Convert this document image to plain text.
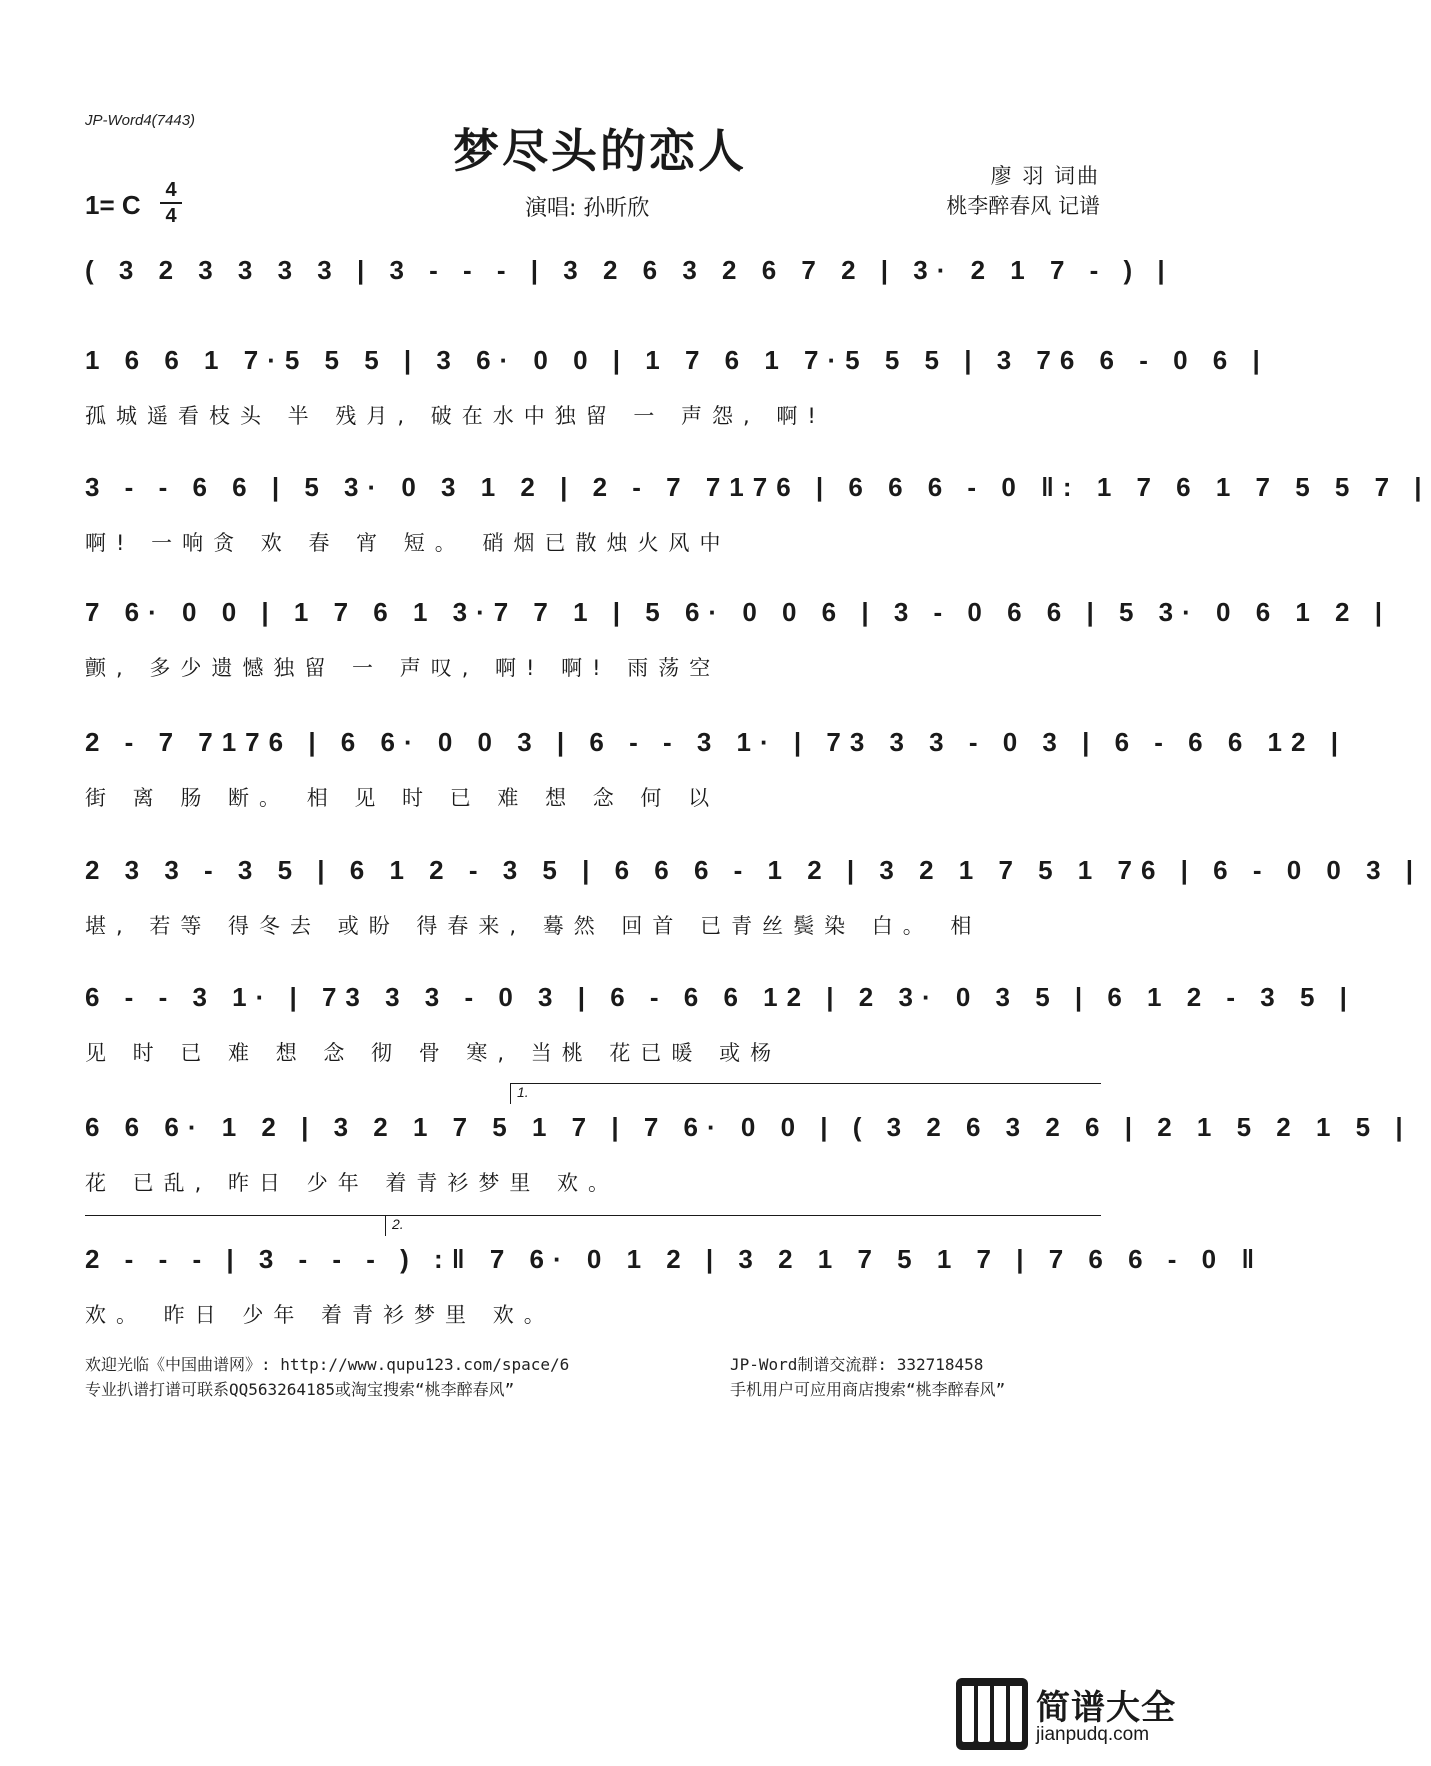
JP-Word4(7443)
梦尽头的恋人
1= C 4
4	演唱: 孙昕欣
廖 羽 词曲
桃李醉春风 记谱
( 3 2 3 3 3 3 | 3 - - - | 3 2 6 3 2 6 7 2 | 3· 2 1 7 - ) |
1 6 6 1 7·5 5 5 | 3 6· 0 0 | 1 7 6 1 7·5 5 5 | 3 76 6 - 0 6 |
孤城遥看枝头 半 残月, 破在水中独留 一 声怨, 啊!
3 - - 6 6 | 5 3· 0 3 1 2 | 2 - 7 7176 | 6 6 6 - 0 ‖: 1 7 6 1 7 5 5 7 |
啊! 一响贪 欢 春 宵 短。 硝烟已散烛火风中
7 6· 0 0 | 1 7 6 1 3·7 7 1 | 5 6· 0 0 6 | 3 - 0 6 6 | 5 3· 0 6 1 2 |
颤, 多少遗憾独留 一 声叹, 啊! 啊! 雨荡空
2 - 7 7176 | 6 6· 0 0 3 | 6 - - 3 1· | 73 3 3 - 0 3 | 6 - 6 6 12 |
街 离 肠 断。 相 见 时 已 难 想 念 何 以
2 3 3 - 3 5 | 6 1 2 - 3 5 | 6 6 6 - 1 2 | 3 2 1 7 5 1 76 | 6 - 0 0 3 |
堪, 若等 得冬去 或盼 得春来, 蓦然 回首 已青丝鬓染 白。 相
6 - - 3 1· | 73 3 3 - 0 3 | 6 - 6 6 12 | 2 3· 0 3 5 | 6 1 2 - 3 5 |
见 时 已 难 想 念 彻 骨 寒, 当桃 花已暖 或杨
1.
6 6 6· 1 2 | 3 2 1 7 5 1 7 | 7 6· 0 0 | ( 3 2 6 3 2 6 | 2 1 5 2 1 5 |
花 已乱, 昨日 少年 着青衫梦里 欢。
2.
2 - - - | 3 - - - ) :‖ 7 6· 0 1 2 | 3 2 1 7 5 1 7 | 7 6 6 - 0 ‖
欢。 昨日 少年 着青衫梦里 欢。
欢迎光临《中国曲谱网》: http://www.qupu123.com/space/6
专业扒谱打谱可联系QQ563264185或淘宝搜索“桃李醉春风”
JP-Word制谱交流群: 332718458
手机用户可应用商店搜索“桃李醉春风”
简谱大全
jianpudq.com
